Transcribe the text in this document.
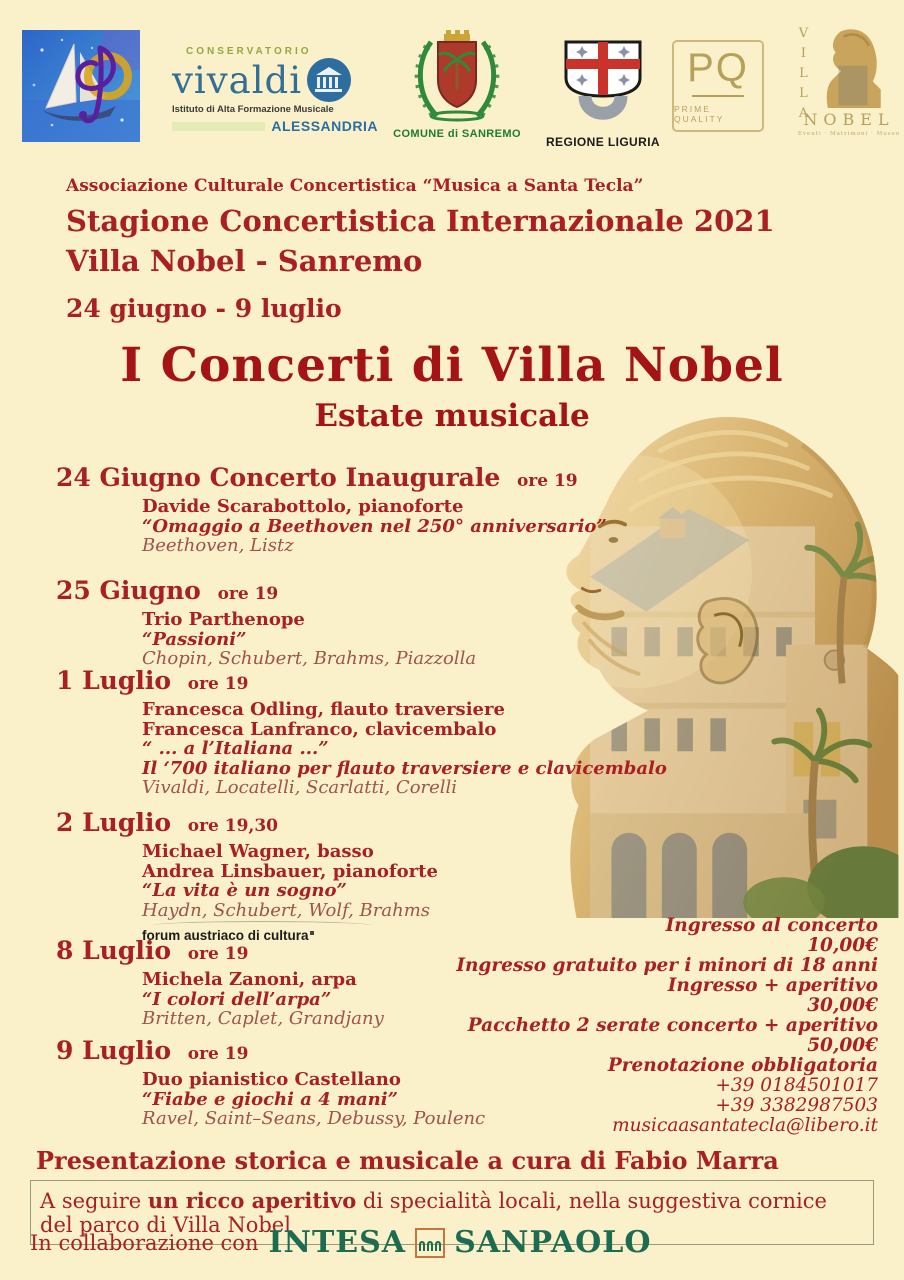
CONSERVATORIO
vivaldi
Istituto di Alta Formazione Musicale
ALESSANDRIA COMUNE di SANREMO
REGIONE LIGURIA
PQ
PRIME QUALITY	VILLA
NOBEL
Eventi · Matrimoni · Museo
Associazione Culturale Concertistica “Musica a Santa Tecla”
Stagione Concertistica Internazionale 2021
Villa Nobel - Sanremo
24 giugno - 9 luglio
I Concerti di Villa Nobel
Estate musicale
24 Giugno Concerto Inaugurale ore 19
Davide Scarabottolo, pianoforte
“Omaggio a Beethoven nel 250° anniversario”
Beethoven, Listz
25 Giugno ore 19
Trio Parthenope
“Passioni”
Chopin, Schubert, Brahms, Piazzolla
1 Luglio ore 19
Francesca Odling, flauto traversiere
Francesca Lanfranco, clavicembalo
“ ... a l’Italiana ...”
Il ‘700 italiano per flauto traversiere e clavicembalo
Vivaldi, Locatelli, Scarlatti, Corelli
2 Luglio ore 19,30
Michael Wagner, basso
Andrea Linsbauer, pianoforte
“La vita è un sogno”
Haydn, Schubert, Wolf, Brahms
forum austriaco di cultura
8 Luglio ore 19
Michela Zanoni, arpa
“I colori dell’arpa”
Britten, Caplet, Grandjany
9 Luglio ore 19
Duo pianistico Castellano
“Fiabe e giochi a 4 mani”
Ravel, Saint–Seans, Debussy, Poulenc
Ingresso al concerto
10,00€
Ingresso gratuito per i minori di 18 anni
Ingresso + aperitivo
30,00€
Pacchetto 2 serate concerto + aperitivo
50,00€
Prenotazione obbligatoria
+39 0184501017
+39 3382987503
musicaasantatecla@libero.it
Presentazione storica e musicale a cura di Fabio Marra
A seguire un ricco aperitivo di specialità locali, nella suggestiva cornice del parco di Villa Nobel
In collaborazione con INTESA SANPAOLO
